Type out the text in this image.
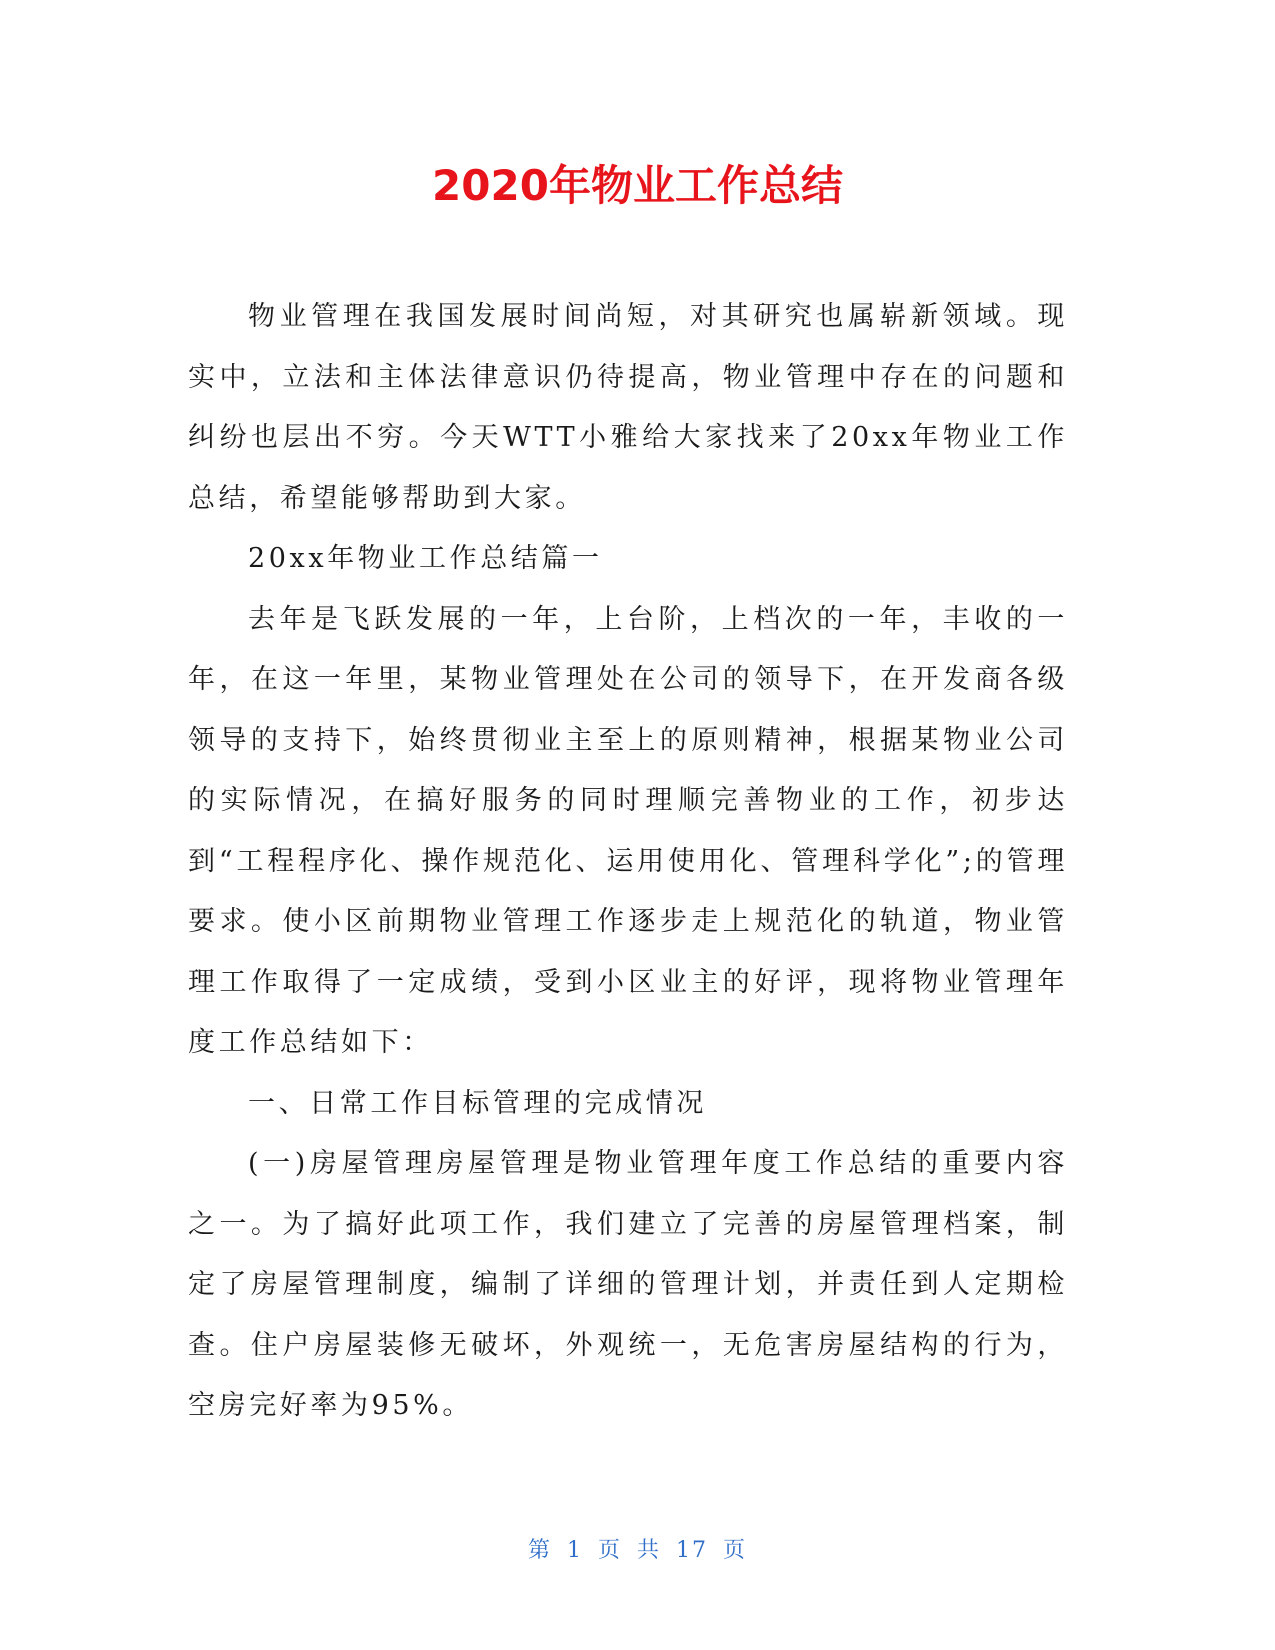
2020年物业工作总结

物业管理在我国发展时间尚短，对其研究也属崭新领域。现实中，立法和主体法律意识仍待提高，物业管理中存在的问题和纠纷也层出不穷。今天WTT小雅给大家找来了20xx年物业工作总结，希望能够帮助到大家。

20xx年物业工作总结篇一

去年是飞跃发展的一年，上台阶，上档次的一年，丰收的一年，在这一年里，某物业管理处在公司的领导下，在开发商各级领导的支持下，始终贯彻业主至上的原则精神，根据某物业公司的实际情况，在搞好服务的同时理顺完善物业的工作，初步达到“工程程序化、操作规范化、运用使用化、管理科学化”;的管理要求。使小区前期物业管理工作逐步走上规范化的轨道，物业管理工作取得了一定成绩，受到小区业主的好评，现将物业管理年度工作总结如下：

一、日常工作目标管理的完成情况

(一)房屋管理房屋管理是物业管理年度工作总结的重要内容之一。为了搞好此项工作，我们建立了完善的房屋管理档案，制定了房屋管理制度，编制了详细的管理计划，并责任到人定期检查。住户房屋装修无破坏，外观统一，无危害房屋结构的行为，空房完好率为95%。

第 1 页 共 17 页
